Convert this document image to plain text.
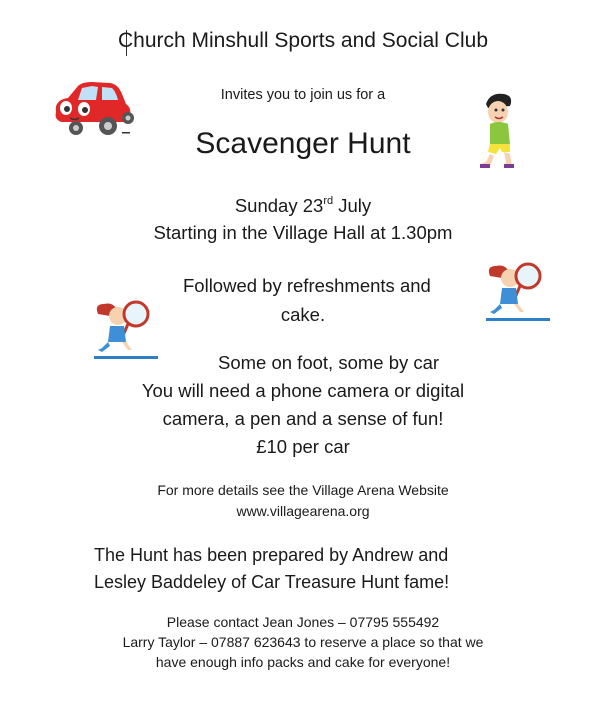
Church Minshull Sports and Social Club
Invites you to join us for a
Scavenger Hunt
Sunday 23rd July
Starting in the Village Hall at 1.30pm
Followed by refreshments and
cake.
Some on foot, some by car
You will need a phone camera or digital
camera, a pen and a sense of fun!
£10 per car
For more details see the Village Arena Website
www.villagearena.org
The Hunt has been prepared by Andrew and
Lesley Baddeley of Car Treasure Hunt fame!
Please contact Jean Jones – 07795 555492
Larry Taylor – 07887 623643 to reserve a place so that we
have enough info packs and cake for everyone!
